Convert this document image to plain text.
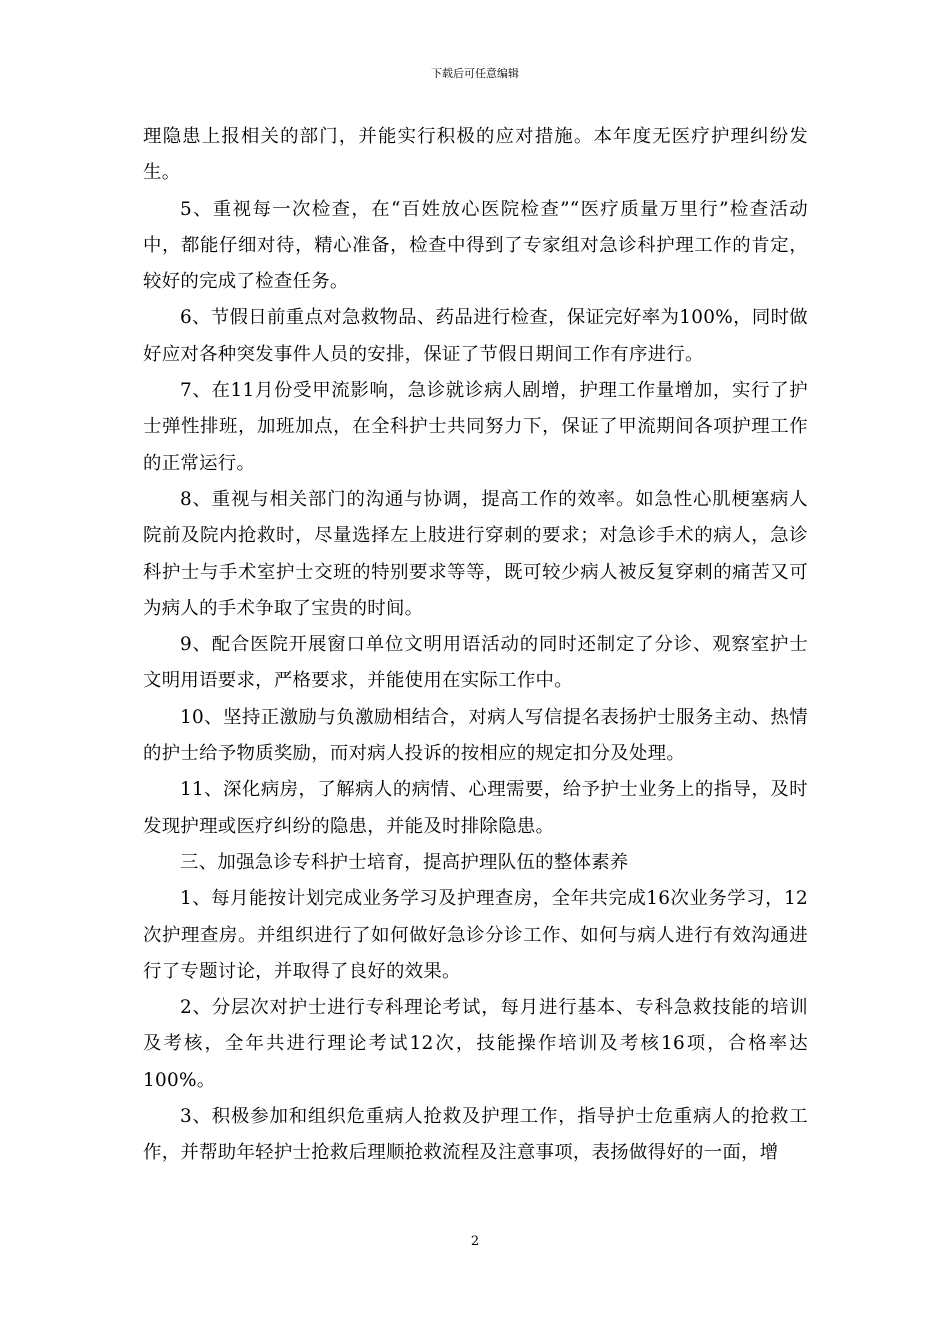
下载后可任意编辑

理隐患上报相关的部门，并能实行积极的应对措施。本年度无医疗护理纠纷发生。

5、重视每一次检查，在“百姓放心医院检查”“医疗质量万里行”检查活动中，都能仔细对待，精心准备，检查中得到了专家组对急诊科护理工作的肯定，较好的完成了检查任务。

6、节假日前重点对急救物品、药品进行检查，保证完好率为100%，同时做好应对各种突发事件人员的安排，保证了节假日期间工作有序进行。

7、在11月份受甲流影响，急诊就诊病人剧增，护理工作量增加，实行了护士弹性排班，加班加点，在全科护士共同努力下，保证了甲流期间各项护理工作的正常运行。

8、重视与相关部门的沟通与协调，提高工作的效率。如急性心肌梗塞病人院前及院内抢救时，尽量选择左上肢进行穿刺的要求；对急诊手术的病人，急诊科护士与手术室护士交班的特别要求等等，既可较少病人被反复穿刺的痛苦又可为病人的手术争取了宝贵的时间。

9、配合医院开展窗口单位文明用语活动的同时还制定了分诊、观察室护士文明用语要求，严格要求，并能使用在实际工作中。

10、坚持正激励与负激励相结合，对病人写信提名表扬护士服务主动、热情的护士给予物质奖励，而对病人投诉的按相应的规定扣分及处理。

11、深化病房，了解病人的病情、心理需要，给予护士业务上的指导，及时发现护理或医疗纠纷的隐患，并能及时排除隐患。

三、加强急诊专科护士培育，提高护理队伍的整体素养

1、每月能按计划完成业务学习及护理查房，全年共完成16次业务学习，12次护理查房。并组织进行了如何做好急诊分诊工作、如何与病人进行有效沟通进行了专题讨论，并取得了良好的效果。

2、分层次对护士进行专科理论考试，每月进行基本、专科急救技能的培训及考核，全年共进行理论考试12次，技能操作培训及考核16项，合格率达100%。

3、积极参加和组织危重病人抢救及护理工作，指导护士危重病人的抢救工作，并帮助年轻护士抢救后理顺抢救流程及注意事项，表扬做得好的一面，增

2
